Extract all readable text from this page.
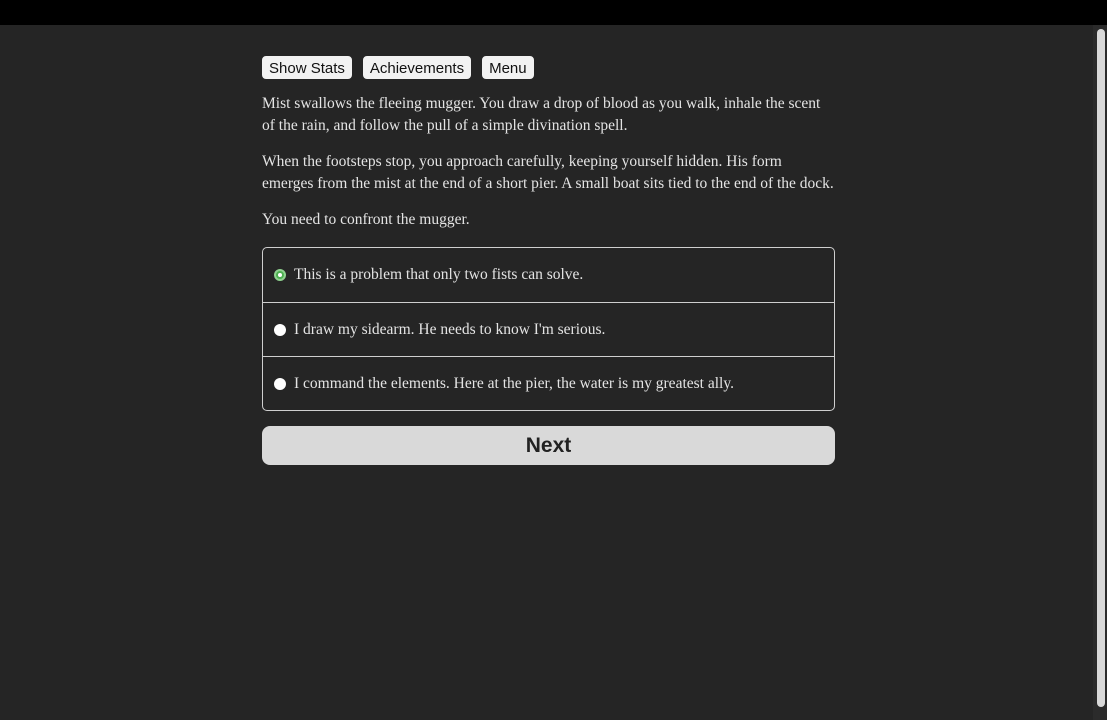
Show Stats	Achievements	Menu

Mist swallows the fleeing mugger. You draw a drop of blood as you walk, inhale the scent of the rain, and follow the pull of a simple divination spell.

When the footsteps stop, you approach carefully, keeping yourself hidden. His form emerges from the mist at the end of a short pier. A small boat sits tied to the end of the dock.

You need to confront the mugger.

This is a problem that only two fists can solve.
I draw my sidearm. He needs to know I'm serious.
I command the elements. Here at the pier, the water is my greatest ally.
Next
